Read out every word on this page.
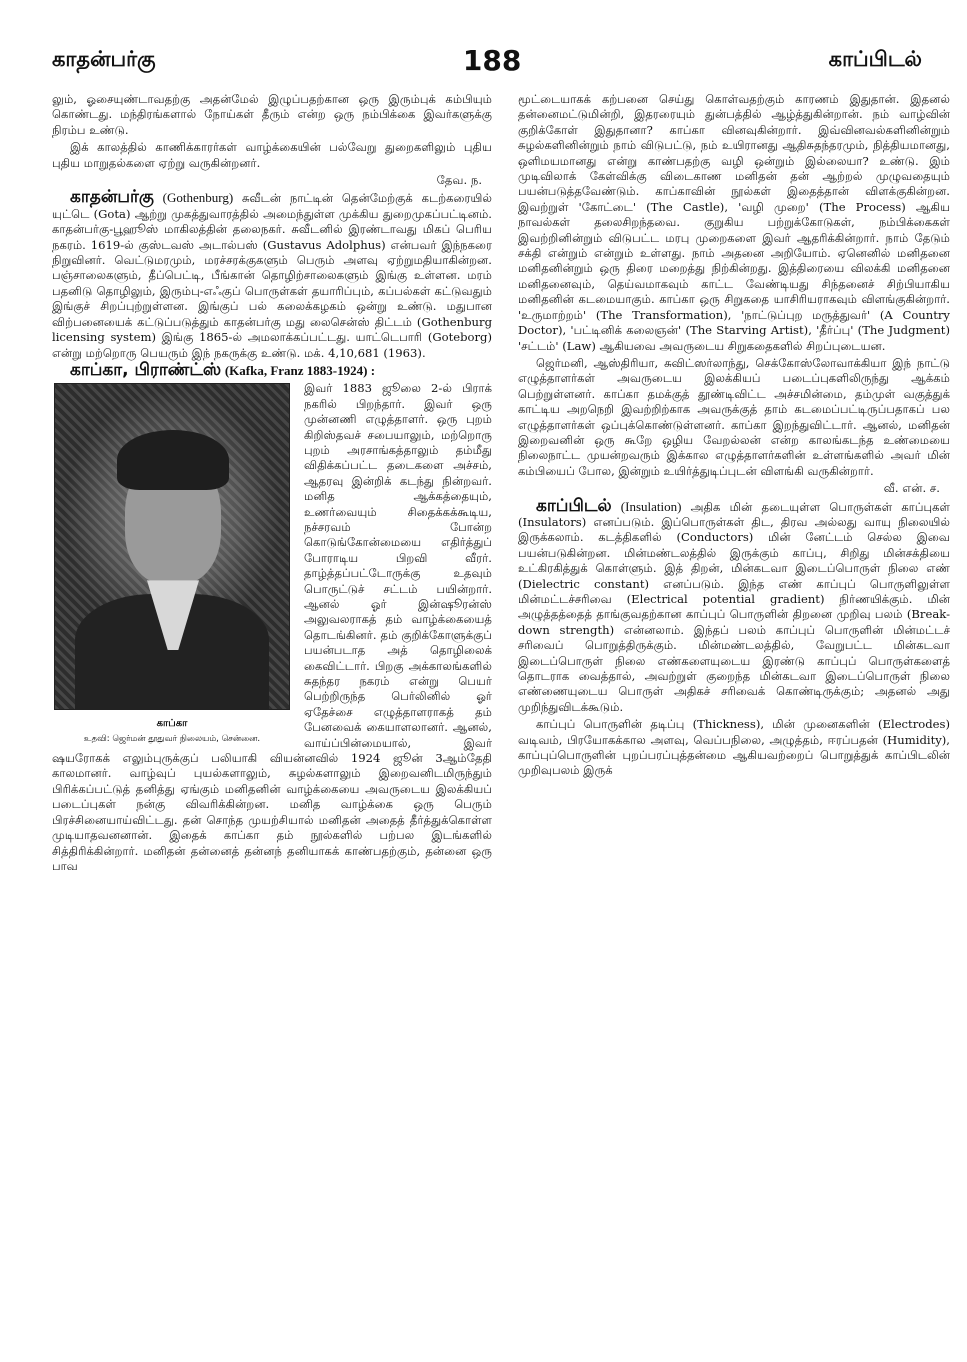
காதன்பர்கு	188	காப்பிடல்

லும், ஓசையுண்டாவதற்கு அதன்மேல் இழுப்பதற்கான ஒரு இரும்புக் கம்பியும் கொண்டது. மந்திரங்களால் நோய்கள் தீரும் என்ற ஒரு நம்பிக்கை இவர்களுக்கு நிரம்ப உண்டு.

இக் காலத்தில் காணிக்காரர்கள் வாழ்க்கையின் பல்வேறு துறைகளிலும் புதிய புதிய மாறுதல்களை ஏற்று வருகின்றனர்.

தேவ. ந.

காதன்பர்கு (Gothenburg) சுவீடன் நாட்டின் தென்மேற்குக் கடற்கரையில் யுட்டெ (Gota) ஆற்று முகத்துவாரத்தில் அமைந்துள்ள முக்கிய துறைமுகப்பட்டினம். காதன்பர்கு-பூஹூஸ் மாகிலத்தின் தலைநகர். சுவீடனில் இரண்டாவது மிகப் பெரிய நகரம். 1619-ல் குஸ்டவஸ் அடால்பஸ் (Gustavus Adolphus) என்பவர் இந்நகரை நிறுவினர். வெட்டுமரமும், மரச்சரக்குகளும் பெரும் அளவு ஏற்றுமதியாகின்றன. பஞ்சாலைகளும், தீப்பெட்டி, பீங்கான் தொழிற்சாலைகளும் இங்கு உள்ளன. மரம் பதனிடு தொழிலும், இரும்பு-எஃகுப் பொருள்கள் தயாரிப்பும், கப்பல்கள் கட்டுவதும் இங்குச் சிறப்புற்றுள்ளன. இங்குப் பல் கலைக்கழகம் ஒன்று உண்டு. மதுபான விற்பனையைக் கட்டுப்படுத்தும் காதன்பர்கு மது லைசென்ஸ் திட்டம் (Gothenburg licensing system) இங்கு 1865-ல் அமலாக்கப்பட்டது. யாட்டெபாரி (Goteborg) என்று மற்றொரு பெயரும் இந் நகருக்கு உண்டு. மக். 4,10,681 (1963).

காப்கா, பிராண்ட்ஸ் (Kafka, Franz 1883-1924) :

காப்கா
உதவி: ஜெர்மன் தூதுவர் நிலையம், சென்னை.

இவர் 1883 ஜூலை 2-ல் பிராக் நகரில் பிறந்தார். இவர் ஒரு முன்னணி எழுத்தாளர். ஒரு புறம் கிறிஸ்தவச் சபையாலும், மற்றொரு புறம் அரசாங்கத்தாலும் தம்மீது விதிக்கப்பட்ட தடைகளை அச்சம், ஆதரவு இன்றிக் கடந்து நின்றவர். மனித ஆக்கத்தையும், உணர்வையும் சிதைக்கக்கூடிய, நச்சரவம் போன்ற கொடுங்கோன்மையை எதிர்த்துப் போராடிய பிறவி வீரர். தாழ்த்தப்பட்டோருக்கு உதவும் பொருட்டுச் சட்டம் பயின்றார். ஆனல் ஓர் இன்ஷூரன்ஸ் அலுவலராகத் தம் வாழ்க்கையைத் தொடங்கினர். தம் குறிக்கோளுக்குப் பயன்படாத அத் தொழிலைக் கைவிட்டார். பிறகு அக்காலங்களில் சுதந்தர நகரம் என்று பெயர் பெற்றிருந்த பெர்லினில் ஓர் ஏதேச்சை எழுத்தாளராகத் தம் பேனவைக் கையாளலானர். ஆனல், வாய்ப்பின்மையால், இவர் ஷயரோகக் எலும்புருக்குப் பலியாகி வியன்னவில் 1924 ஜூன் 3ஆம்தேதி காலமானர். வாழ்வுப் புயல்களாலும், சுழல்களாலும் இறைவனிடமிருந்தும் பிரிக்கப்பட்டுத் தனித்து ஏங்கும் மனிதனின் வாழ்க்கையை அவருடைய இலக்கியப் படைப்புகள் நன்கு விவரிக்கின்றன. மனித வாழ்க்கை ஒரு பெரும் பிரச்சினையாய்விட்டது. தன் சொந்த முயற்சியால் மனிதன் அதைத் தீர்த்துக்கொள்ள முடியாதவனனான். இதைக் காப்கா தம் நூல்களில் பற்பல இடங்களில் சித்திரிக்கின்றார். மனிதன் தன்னைத் தன்னந் தனியாகக் காண்பதற்கும், தன்னை ஒரு பாவ

மூட்டையாகக் கற்பனை செய்து கொள்வதற்கும் காரணம் இதுதான். இதனல் தன்னைமட்டுமின்றி, இதரரையும் துன்பத்தில் ஆழ்த்துகின்றான். நம் வாழ்வின் குறிக்கோள் இதுதானா? காப்கா வினவுகின்றார். இவ்வினவல்களினின்றும் சுழல்களினின்றும் நாம் விடுபட்டு, நம் உயிரானது ஆதிசுதந்தரமும், நித்தியமானது, ஒளிமயமானது என்று காண்பதற்கு வழி ஒன்றும் இல்லையா? உண்டு. இம் முடிவிலாக் கேள்விக்கு விடைகாண மனிதன் தன் ஆற்றல் முழுவதையும் பயன்படுத்தவேண்டும். காப்காவின் நூல்கள் இதைத்தான் விளக்குகின்றன. இவற்றுள் 'கோட்டை' (The Castle), 'வழி முறை' (The Process) ஆகிய நாவல்கள் தலைசிறந்தவை. குறுகிய பற்றுக்கோடுகள், நம்பிக்கைகள் இவற்றினின்றும் விடுபட்ட மரபு முறைகளை இவர் ஆதரிக்கின்றார். நாம் தேடும் சக்தி என்றும் என்றும் உள்ளது. நாம் அதனை அறியோம். ஏனெனில் மனிதனை மனிதனின்றும் ஒரு திரை மறைத்து நிற்கின்றது. இத்திரையை விலக்கி மனிதனை மனிதனைவும், தெய்வமாகவும் காட்ட வேண்டியது சிந்தனைச் சிற்பியாகிய மனிதனின் கடமையாகும். காப்கா ஒரு சிறுகதை யாசிரியராகவும் விளங்குகின்றார். 'உருமாற்றம்' (The Transformation), 'நாட்டுப்புற மருத்துவர்' (A Country Doctor), 'பட்டினிக் கலைஞன்' (The Starving Artist), 'தீர்ப்பு' (The Judgment) 'சட்டம்' (Law) ஆகியவை அவருடைய சிறுகதைகளில் சிறப்புடையன.

ஜெர்மனி, ஆஸ்திரியா, சுவிட்ஸர்லாந்து, செக்கோஸ்லோவாக்கியா இந் நாட்டு எழுத்தாளர்கள் அவருடைய இலக்கியப் படைப்புகளிலிருந்து ஆக்கம் பெற்றுள்ளனர். காப்கா தமக்குத் தூண்டிவிட்ட அச்சமின்மை, தம்முள் வகுத்துக் காட்டிய அறநெறி இவற்றிற்காக அவருக்குத் தாம் கடமைப்பட்டிருப்பதாகப் பல எழுத்தாளர்கள் ஒப்புக்கொண்டுள்ளனர். காப்கா இறந்துவிட்டார். ஆனல், மனிதன் இறைவனின் ஒரு கூறே ஒழிய வேறல்லன் என்ற காலங்கடந்த உண்மையை நிலைநாட்ட முயன்றவரும் இக்கால எழுத்தாளர்களின் உள்ளங்களில் அவர் மின் கம்பியைப் போல, இன்றும் உயிர்த்துடிப்புடன் விளங்கி வருகின்றார்.

வீ. என். ச.

காப்பிடல் (Insulation) அதிக மின் தடையுள்ள பொருள்கள் காப்புகள் (Insulators) எனப்படும். இப்பொருள்கள் திட, திரவ அல்லது வாயு நிலையில் இருக்கலாம். கடத்திகளில் (Conductors) மின் னேட்டம் செல்ல இவை பயன்படுகின்றன. மின்மண்டலத்தில் இருக்கும் காப்பு, சிறிது மின்சக்தியை உட்கிரகித்துக் கொள்ளும். இத் திறன், மின்கடவா இடைப்பொருள் நிலை எண் (Dielectric constant) எனப்படும். இந்த எண் காப்புப் பொருளிலுள்ள மின்மட்டச்சரிவை (Electrical potential gradient) நிர்ணயிக்கும். மின் அழுத்தத்தைத் தாங்குவதற்கான காப்புப் பொருளின் திறனை முறிவு பலம் (Break-down strength) என்னலாம். இந்தப் பலம் காப்புப் பொருளின் மின்மட்டச் சரிவைப் பொறுத்திருக்கும். மின்மண்டலத்தில், வேறுபட்ட மின்கடவா இடைப்பொருள் நிலை எண்களையுடைய இரண்டு காப்புப் பொருள்களைத் தொடராக வைத்தால், அவற்றுள் குறைந்த மின்கடவா இடைப்பொருள் நிலை எண்ணையுடைய பொருள் அதிகச் சரிவைக் கொண்டிருக்கும்; அதனல் அது முறிந்துவிடக்கூடும்.

காப்புப் பொருளின் தடிப்பு (Thickness), மின் முனைகளின் (Electrodes) வடிவம், பிரயோகக்கால அளவு, வெப்பநிலை, அழுத்தம், ஈரப்பதன் (Humidity), காப்புப்பொருளின் புறப்பரப்புத்தன்மை ஆகியவற்றைப் பொறுத்துக் காப்பிடலின் முறிவுபலம் இருக்
